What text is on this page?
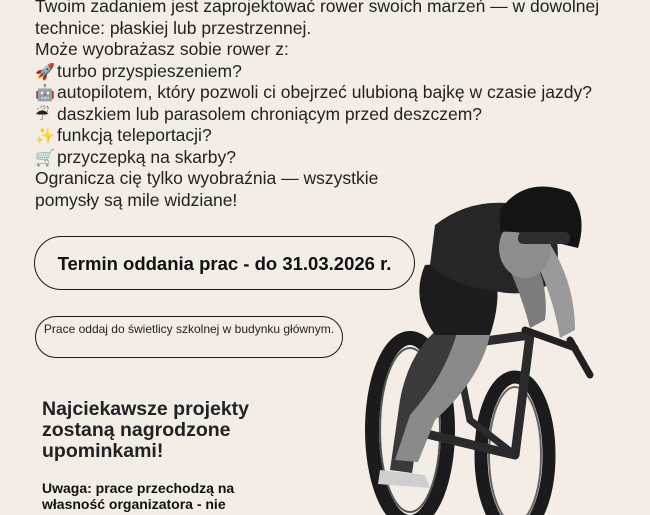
Twoim zadaniem jest zaprojektować rower swoich marzeń — w dowolnej

technice: płaskiej lub przestrzennej.

Może wyobrażasz sobie rower z:

🚀 turbo przyspieszeniem?

🤖 autopilotem, który pozwoli ci obejrzeć ulubioną bajkę w czasie jazdy?

☔ daszkiem lub parasolem chroniącym przed deszczem?

✨ funkcją teleportacji?

🛒 przyczepką na skarby?

Ogranicza cię tylko wyobraźnia — wszystkie

pomysły są mile widziane!

Termin oddania prac - do 31.03.2026 r.
Prace oddaj do świetlicy szkolnej w budynku głównym.

Najciekawsze projekty zostaną nagrodzone upominkami!

Uwaga: prace przechodzą na własność organizatora - nie
